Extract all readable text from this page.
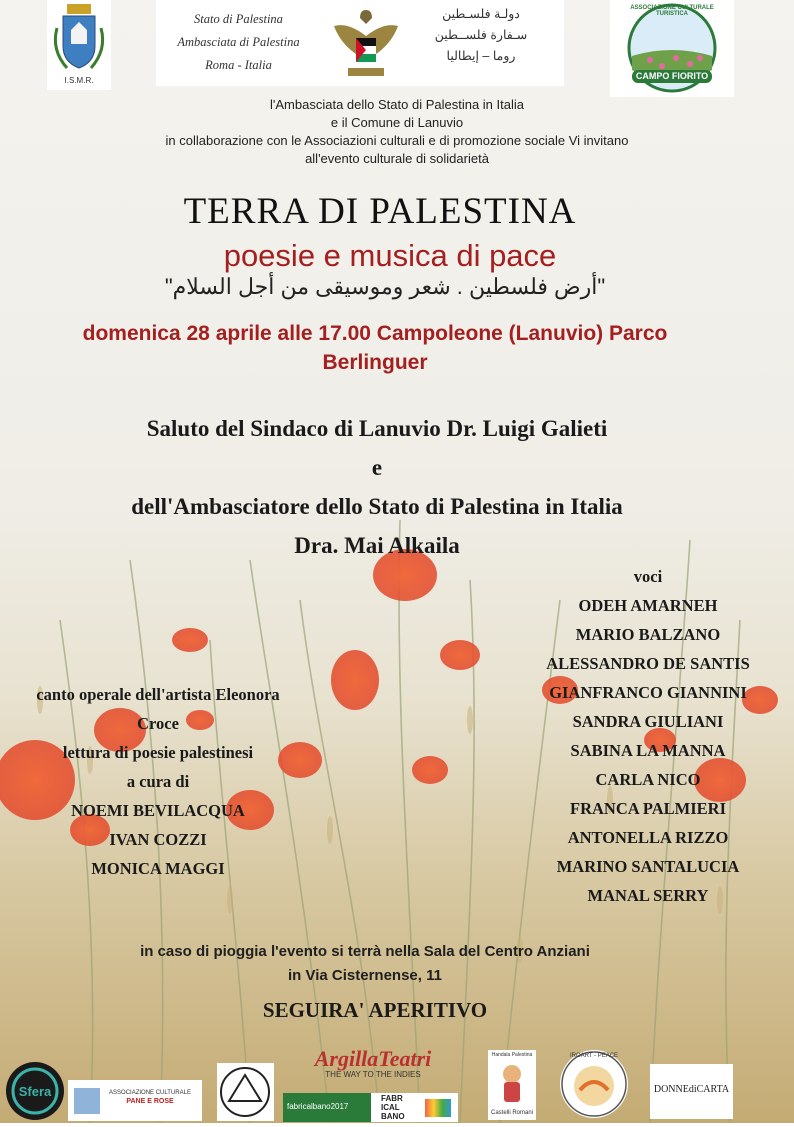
I.S.M.R.
Stato di Palestina
Ambasciata di Palestina
Roma - Italia
دولـة فلسـطين
سـفارة فلســطين
روما – إيطاليا
ASSOCIAZIONE CULTURALE TURISTICA
CAMPO FIORITO
l'Ambasciata dello Stato di Palestina in Italia
e il Comune di Lanuvio
in collaborazione con le Associazioni culturali e di promozione sociale Vi invitano
all'evento culturale di solidarietà
TERRA DI PALESTINA
poesie e musica di pace
"أرض فلسطين . شعر وموسيقى من أجل السلام"
domenica 28 aprile alle 17.00 Campoleone (Lanuvio) Parco
Berlinguer
Saluto del Sindaco di Lanuvio Dr. Luigi Galieti
e
dell'Ambasciatore dello Stato di Palestina in Italia
Dra. Mai Alkaila
canto operale dell'artista Eleonora
Croce
lettura di poesie palestinesi
a cura di
NOEMI BEVILACQUA
IVAN COZZI
MONICA MAGGI
voci
ODEH AMARNEH
MARIO BALZANO
ALESSANDRO DE SANTIS
GIANFRANCO GIANNINI
SANDRA GIULIANI
SABINA LA MANNA
CARLA NICO
FRANCA PALMIERI
ANTONELLA RIZZO
MARINO SANTALUCIA
MANAL SERRY
in caso di pioggia l'evento si terrà nella Sala del Centro Anziani
in Via Cisternense, 11
SEGUIRA' APERITIVO
Sfera	ASSOCIAZIONE CULTURALE
PANE E ROSE
ArgillaTeatri
THE WAY TO THE INDIES
fabricalbano2017
FABR
ICAL
BANO
Handala Palestina
Castelli Romani
IROART - PEACE
DONNEdiCARTA
